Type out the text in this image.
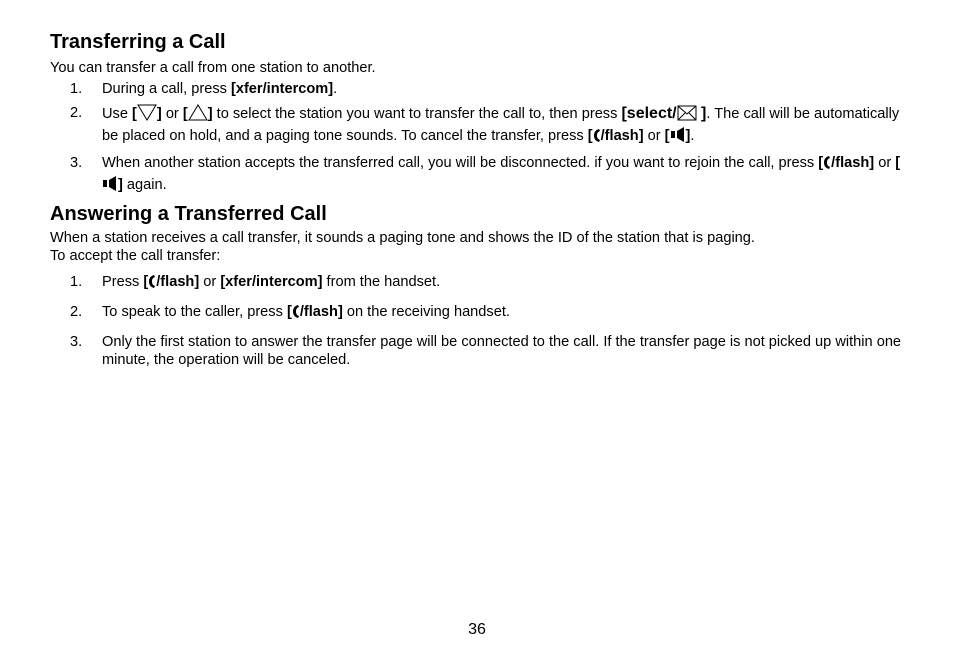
Transferring a Call

You can transfer a call from one station to another.

1. During a call, press [xfer/intercom].
2. Use [ ] or [ ] to select the station you want to transfer the call to, then press [select/ ]. The call will be automatically be placed on hold, and a paging tone sounds. To cancel the transfer, press [ /flash] or [ ].
3. When another station accepts the transferred call, you will be disconnected. if you want to rejoin the call, press [ /flash] or [] again.
Answering a Transferred Call

When a station receives a call transfer, it sounds a paging tone and shows the ID of the station that is paging.
To accept the call transfer:

1. Press [ /flash] or [xfer/intercom] from the handset.
2. To speak to the caller, press [ /flash] on the receiving handset.
3. Only the first station to answer the transfer page will be connected to the call. If the transfer page is not picked up within one minute, the operation will be canceled.
36
